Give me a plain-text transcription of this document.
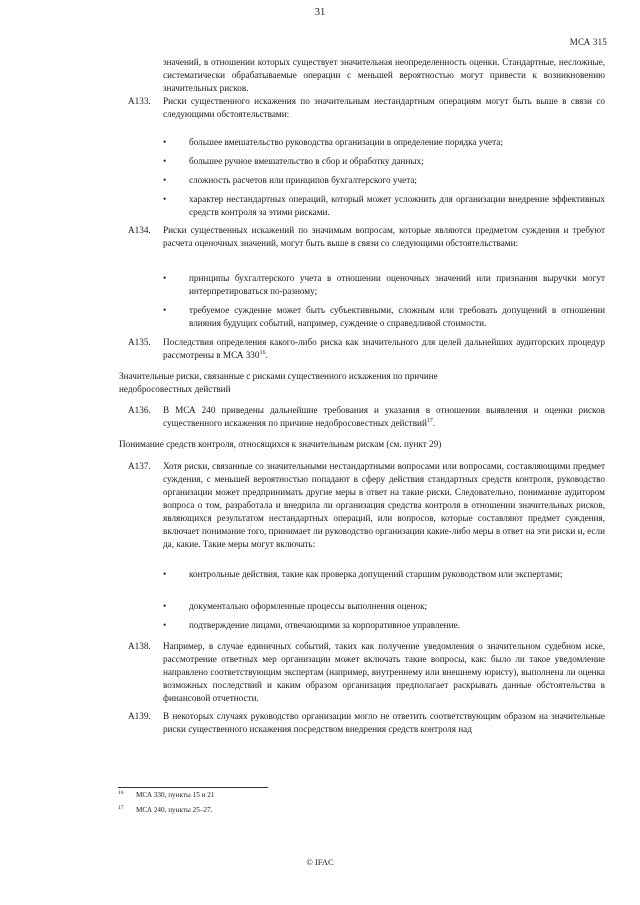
31
МСА 315
значений, в отношении которых существует значительная неопределенность оценки. Стандартные, несложные, систематически обрабатываемые операции с меньшей вероятностью могут привести к возникновению значительных рисков.
A133. Риски существенного искажения по значительным нестандартным операциям могут быть выше в связи со следующими обстоятельствами:
• большее вмешательство руководства организации в определение порядка учета;
• большее ручное вмешательство в сбор и обработку данных;
• сложность расчетов или принципов бухгалтерского учета;
• характер нестандартных операций, который может усложнить для организации внедрение эффективных средств контроля за этими рисками.
A134. Риски существенных искажений по значимым вопросам, которые являются предметом суждения и требуют расчета оценочных значений, могут быть выше в связи со следующими обстоятельствами:
• принципы бухгалтерского учета в отношении оценочных значений или признания выручки могут интерпретироваться по-разному;
• требуемое суждение может быть субъективными, сложным или требовать допущений в отношении влияния будущих событий, например, суждение о справедливой стоимости.
A135. Последствия определения какого-либо риска как значительного для целей дальнейших аудиторских процедур рассмотрены в МСА $330^{16}$.
Значительные риски, связанные с рисками существенного искажения по причине недобросовестных действий
A136. В МСА 240 приведены дальнейшие требования и указания в отношении выявления и оценки рисков существенного искажения по причине недобросовестных действий$^{17}$.
Понимание средств контроля, относящихся к значительным рискам (см. пункт 29)
A137. Хотя риски, связанные со значительными нестандартными вопросами или вопросами, составляющими предмет суждения, с меньшей вероятностью попадают в сферу действия стандартных средств контроля, руководство организации может предпринимать другие меры в ответ на такие риски. Следовательно, понимание аудитором вопроса о том, разработала и внедрила ли организация средства контроля в отношении значительных рисков, являющихся результатом нестандартных операций, или вопросов, которые составляют предмет суждения, включает понимание того, принимает ли руководство организации какие-либо меры в ответ на эти риски и, если да, какие. Такие меры могут включать:
• контрольные действия, такие как проверка допущений старшим руководством или экспертами;
• документально оформленные процессы выполнения оценок;
• подтверждение лицами, отвечающими за корпоративное управление.
A138. Например, в случае единичных событий, таких как получение уведомления о значительном судебном иске, рассмотрение ответных мер организации может включать такие вопросы, как: было ли такое уведомление направлено соответствующим экспертам (например, внутреннему или внешнему юристу), выполнена ли оценка возможных последствий и каким образом организация предполагает раскрывать данные обстоятельства в финансовой отчетности.
A139. В некоторых случаях руководство организации могло не ответить соответствующим образом на значительные риски существенного искажения посредством внедрения средств контроля над
16 МСА 330, пункты 15 и 21
17 МСА 240, пункты 25–27.
© IFAC
